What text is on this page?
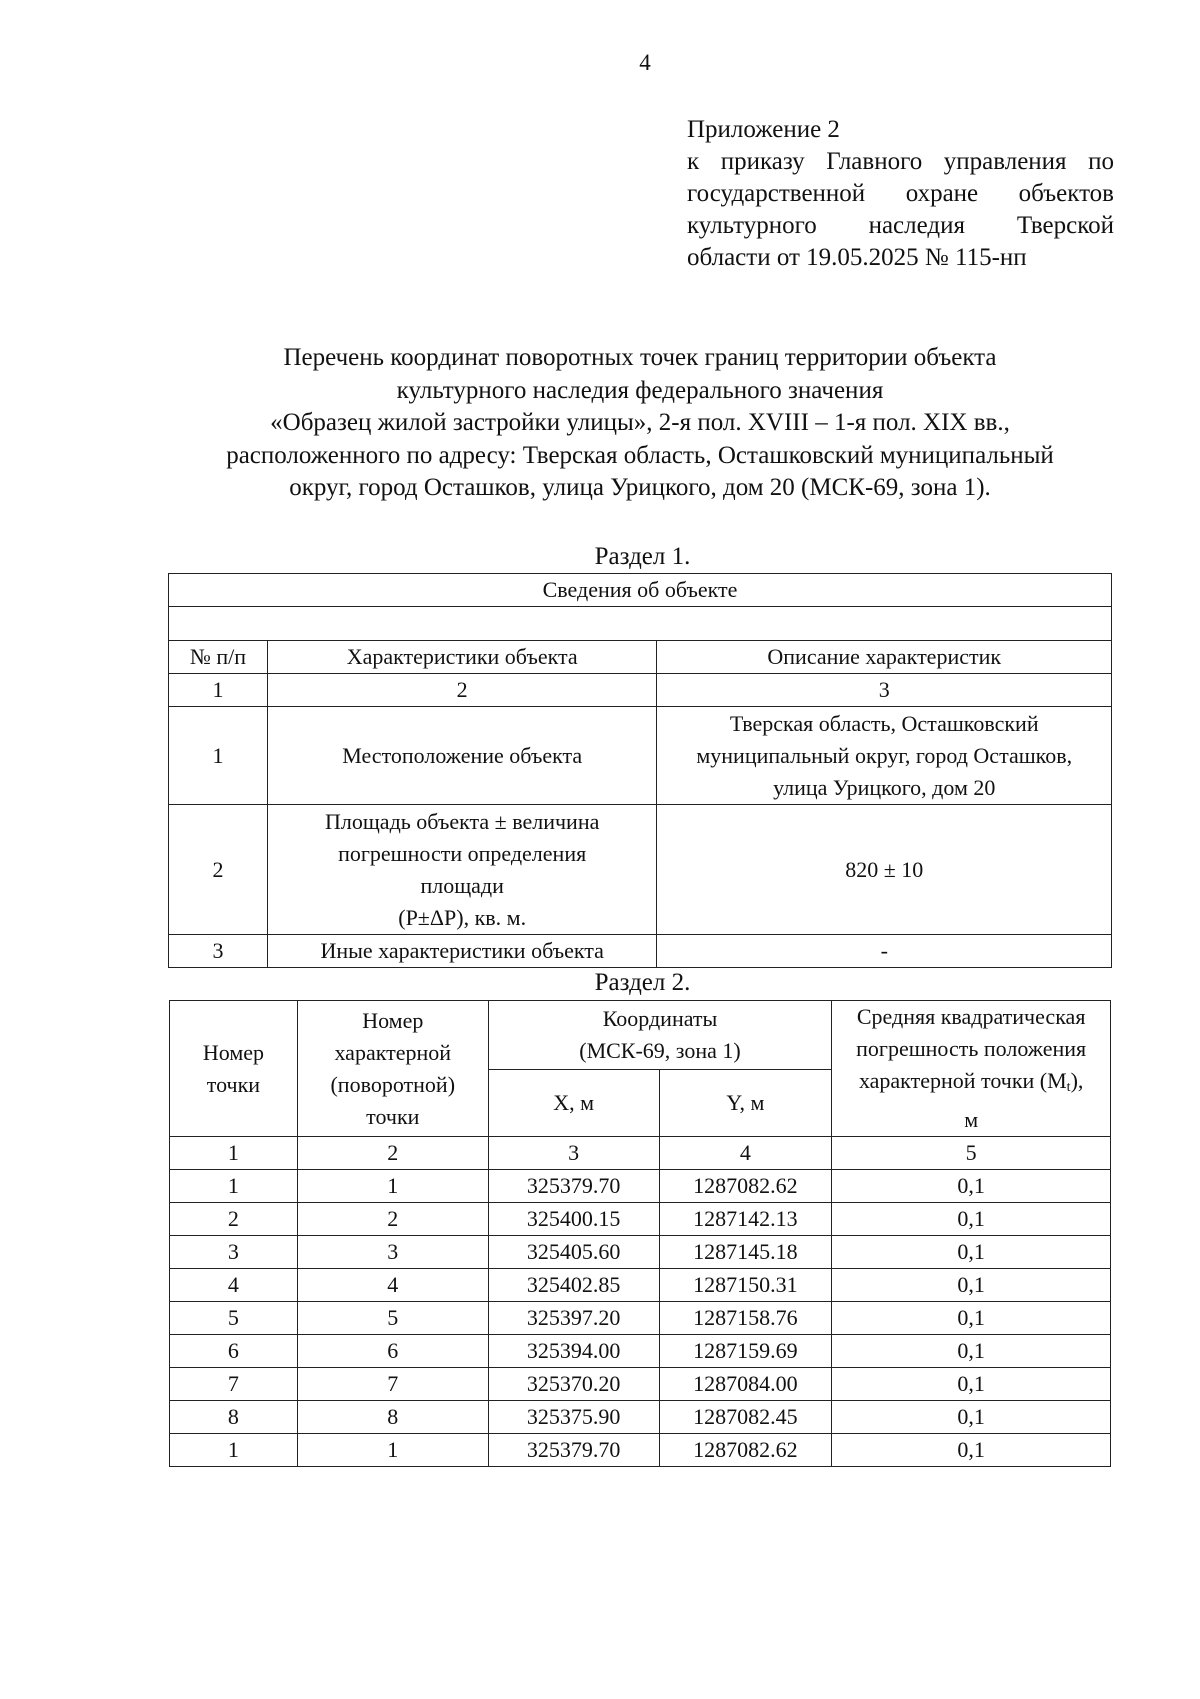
4
Приложение 2
к приказу Главного управления по
государственной охране объектов
культурного наследия Тверской
области от 19.05.2025 № 115-нп
Перечень координат поворотных точек границ территории объекта
культурного наследия федерального значения
«Образец жилой застройки улицы», 2-я пол. XVIII – 1-я пол. XIX вв.,
расположенного по адресу: Тверская область, Осташковский муниципальный
округ, город Осташков, улица Урицкого, дом 20 (МСК-69, зона 1).
Раздел 1.
Сведения об объекте		

№ п/п	Характеристики объекта	Описание характеристик
1	2	3
1	Местоположение объекта	Тверская область, Осташковский
муниципальный округ, город Осташков,
улица Урицкого, дом 20

2	Площадь объекта ± величина
погрешности определения
площади
(Р±ΔР), кв. м.	820 ± 10

3	Иные характеристики объекта	-
Раздел 2.
Номер
точки	Номер
характерной
(поворотной)
точки	Координаты
(МСК-69, зона 1)		Средняя квадратическая
погрешность положения
характерной точки (Мt),
м

		X, м	Y, м	
1	2	3	4	5
1	1	325379.70	1287082.62	0,1
2	2	325400.15	1287142.13	0,1
3	3	325405.60	1287145.18	0,1
4	4	325402.85	1287150.31	0,1
5	5	325397.20	1287158.76	0,1
6	6	325394.00	1287159.69	0,1
7	7	325370.20	1287084.00	0,1
8	8	325375.90	1287082.45	0,1
1	1	325379.70	1287082.62	0,1
